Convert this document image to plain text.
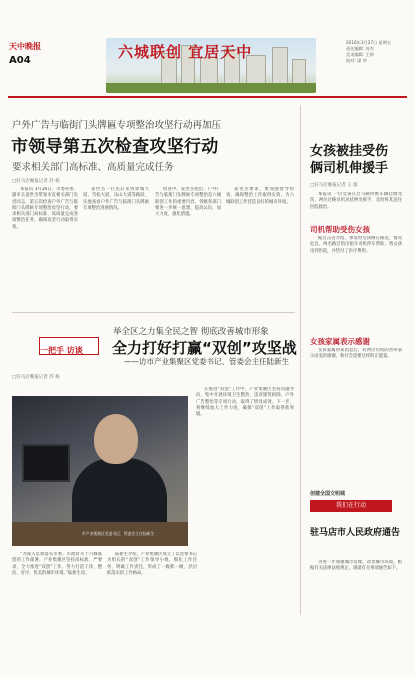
天中晚报
A04	六城联创 宜居天中
2016年3月27日 星期五
责任编辑: 苏杰
美术编辑: 王帅
校对: 梁 华
户外广告与临街门头牌匾专项整治攻坚行动再加压
市领导第五次检查攻坚行动
要求相关部门高标准、高质量完成任务
□驻马店晚报记者 苏 杨

本报讯 3月26日，市委常委、副市长姜世杰带领市直相关部门负责同志，第五次检查户外广告与临街门头牌匾专项整治攻坚行动，要求相关部门高标准、高质量完成各项整治任务，确保攻坚行动取得实效。

姜世杰一行先后来到驿城大道、雪松大道、乐山大道等路段，实地查看户外广告与临街门头牌匾专项整治进展情况。

检查中，姜世杰指出，户外广告与临街门头牌匾专项整治是六城联创工作的重要内容，各级各部门要进一步统一思想，提高认识，加大力度，强化措施。

姜世杰要求，要加强督导检查，确保整治工作取得实效，为六城联创工作营造良好的城市环境。

女孩被挂受伤
俩司机伸援手
□驻马店晚报记者 王 康

本报讯 一位女孩在过马路时被车辆挂倒受伤，两位过路司机见状伸出援手，及时将其送往医院救治。

司机帮助受伤女孩

据目击者介绍，事发时女孩倒在路边，情况危急。两名路过的出租车司机停车帮助，将女孩送到医院，并垫付了医疗费用。

女孩家属表示感谢

女孩家属得知消息后，对两位司机的善举表示由衷的感谢，称社会需要这样的正能量。

一把手 访谈
举全区之力集全民之智 彻底改善城市形象
全力打好打赢“双创”攻坚战
——访市产业集聚区党委书记、管委会主任陆新生
□驻马店晚报记者 苏 杨
市产业集聚区党委书记、管委会主任陆新生

在推进“双创”工作中，产业集聚区坚持问题导向，集中开展环境卫生整治、违章建筑拆除、户外广告整治等专项行动，取得了明显成效。下一步，将继续加大工作力度，确保“双创”工作取得新突破。

“为深入贯彻落实市委、市政府关于六城联创的工作部署，产业集聚区坚持高标准、严要求，全力推进“双创”工作，努力打造干净、整洁、有序、优美的城市环境。”陆新生说。

陆新生介绍，产业集聚区成立了以党委书记为组长的“双创”工作领导小组，细化工作任务，明确工作责任，形成了一级抓一级、层层抓落实的工作格局。

创建全国文明城
我们在行动
驻马店市人民政府通告

为进一步加强城市管理，改善城市环境，根据有关法律法规规定，现就有关事项通告如下。
